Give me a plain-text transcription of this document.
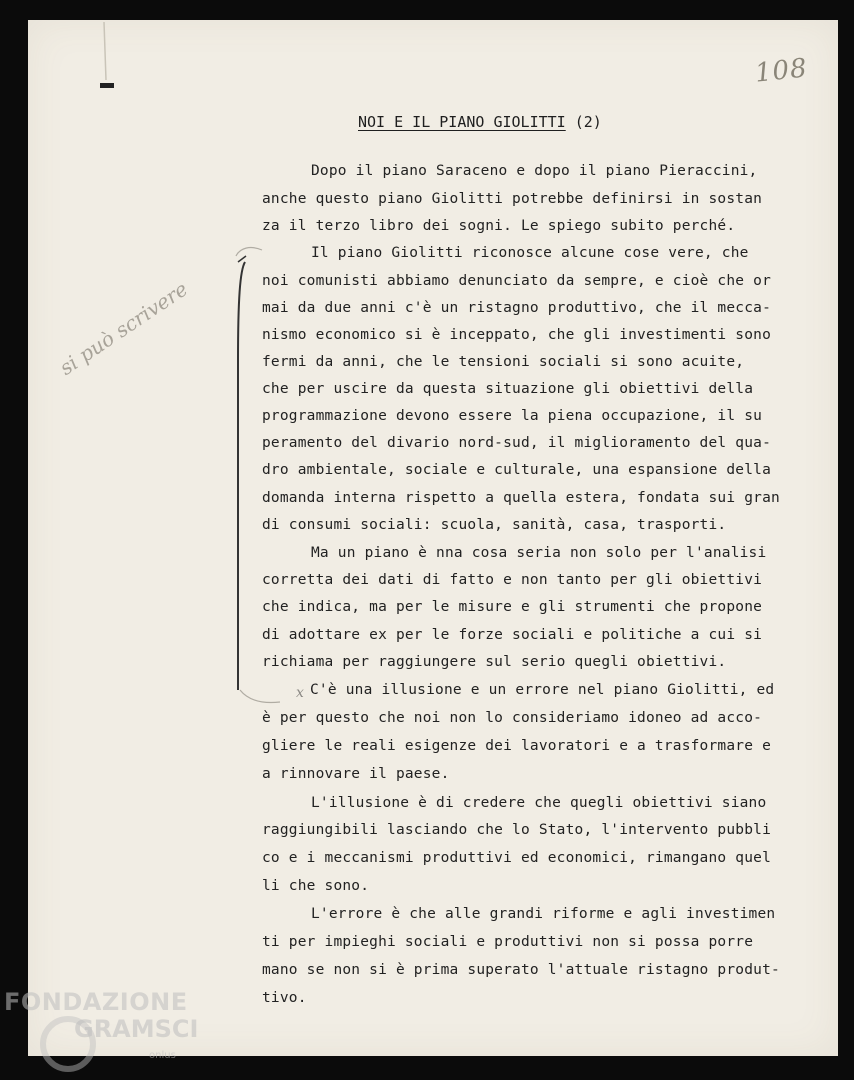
108
NOI E IL PIANO GIOLITTI (2)
si può scrivere
x
Dopo il piano Saraceno e dopo il piano Pieraccini,
anche questo piano Giolitti potrebbe definirsi in sostan
za il terzo libro dei sogni. Le spiego subito perché.
Il piano Giolitti riconosce alcune cose vere, che
noi comunisti abbiamo denunciato da sempre, e cioè che or
mai da due anni c'è un ristagno produttivo, che il mecca-
nismo economico si è inceppato, che gli investimenti sono
fermi da anni, che le tensioni sociali si sono acuite,
che per uscire da questa situazione gli obiettivi della
programmazione devono essere la piena occupazione, il su
peramento del divario nord-sud, il miglioramento del qua-
dro ambientale, sociale e culturale, una espansione della
domanda interna rispetto a quella estera, fondata sui gran
di consumi sociali: scuola, sanità, casa, trasporti.
Ma un piano è nna cosa seria non solo per l'analisi
corretta dei dati di fatto e non tanto per gli obiettivi
che indica, ma per le misure e gli strumenti che propone
di adottare ex per le forze sociali e politiche a cui si
richiama per raggiungere sul serio quegli obiettivi.
C'è una illusione e un errore nel piano Giolitti, ed
è per questo che noi non lo consideriamo idoneo ad acco-
gliere le reali esigenze dei lavoratori e a trasformare e
a rinnovare il paese.
L'illusione è di credere che quegli obiettivi siano
raggiungibili lasciando che lo Stato, l'intervento pubbli
co e i meccanismi produttivi ed economici, rimangano quel
li che sono.
L'errore è che alle grandi riforme e agli investimen
ti per impieghi sociali e produttivi non si possa porre
mano se non si è prima superato l'attuale ristagno produt-
tivo.
FONDAZIONE
GRAMSCI
onlus
